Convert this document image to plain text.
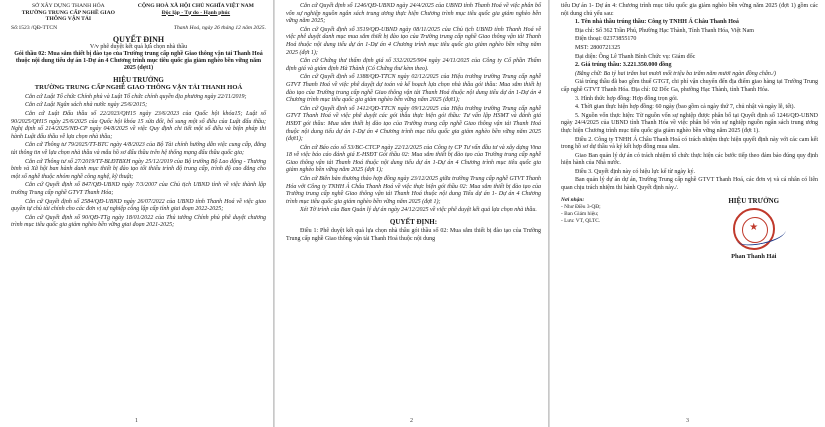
SỞ XÂY DỰNG THANH HÓA
TRƯỜNG TRUNG CẤP NGHỀ GIAO THÔNG VẬN TẢI
CỘNG HOÀ XÃ HỘI CHỦ NGHĨA VIỆT NAM
Độc lập - Tự do - Hạnh phúc
Số:1523 /QĐ-TTCN	Thanh Hoá, ngày 26 tháng 12 năm 2025.
QUYẾT ĐỊNH
V/v phê duyệt kết quả lựa chọn nhà thầu
Gói thầu 02: Mua sắm thiết bị đào tạo của Trường trung cấp nghề Giao thông vận tải Thanh Hoá thuộc nội dung tiểu dự án 1-Dự án 4 Chương trình mục tiêu quốc gia giảm nghèo bền vững năm 2025 (đợt1)
HIỆU TRƯỞNG
TRƯỜNG TRUNG CẤP NGHỀ GIAO THÔNG VẬN TẢI THANH HOÁ

Căn cứ Luật Tổ chức Chính phủ và Luật Tổ chức chính quyền địa phương ngày 22/11/2019;

Căn cứ Luật Ngân sách nhà nước ngày 25/6/2015;

Căn cứ Luật Đấu thầu số 22/2023/QH15 ngày 23/6/2023 của Quốc hội khóa15; Luật số 90/2025/QH15 ngày 25/6/2025 của Quốc hội khóa 15 sửa đổi, bổ sung một số điều của Luật đấu thầu; Nghị định số 214/2025/NĐ-CP ngày 04/8/2025 về việc Quy định chi tiết một số điều và biện pháp thi hành Luật đấu thầu về lựa chọn nhà thầu;

Căn cứ Thông tư 79/2025/TT-BTC ngày 4/8/2023 của Bộ Tài chính hướng dẫn việc cung cấp, đăng tải thông tin về lựa chọn nhà thầu và mẫu hồ sơ đấu thầu trên hệ thống mạng đấu thầu quốc gia;

Căn cứ Thông tư số 27/2019/TT-BLĐTBXH ngày 25/12/2019 của Bộ trưởng Bộ Lao động - Thương binh và Xã hội ban hành danh mục thiết bị đào tạo tối thiểu trình độ trung cấp, trình độ cao đẳng cho một số nghề thuộc nhóm nghề công nghệ, kỹ thuật;

Căn cứ Quyết định số 847/QĐ-UBND ngày 7/3/2007 của Chủ tịch UBND tỉnh về việc thành lập trường Trung cấp nghề GTVT Thanh Hóa;

Căn cứ Quyết định số 2584/QĐ-UBND ngày 26/07/2022 của UBND tỉnh Thanh Hoá về việc giao quyền tự chủ tài chính cho các đơn vị sự nghiệp công lập cấp tỉnh giai đoạn 2022-2025;

Căn cứ Quyết định số 90/QĐ-TTg ngày 18/01/2022 của Thủ tướng Chính phủ phê duyệt chương trình mục tiêu quốc gia giảm nghèo bền vững giai đoạn 2021-2025;

1

Căn cứ Quyết định số 1246/QĐ-UBND ngày 24/4/2025 của UBND tỉnh Thanh Hoá về việc phân bổ vốn sự nghiệp nguồn ngân sách trung ương thực hiện Chương trình mục tiêu quốc gia giảm nghèo bền vững năm 2025;

Căn cứ Quyết định số 3519/QĐ-UBND ngày 08/11/2025 của Chủ tịch UBND tỉnh Thanh Hoá về việc phê duyệt danh mục mua sắm thiết bị đào tạo của Trường trung cấp nghề Giao thông vận tải Thanh Hoá thuộc nội dung tiểu dự án 1-Dự án 4 Chương trình mục tiêu quốc gia giảm nghèo bền vững năm 2025 (đợt 1);

Căn cứ Chứng thư thẩm định giá số 332/2025/904 ngày 24/11/2025 của Công ty Cổ phần Thẩm định giá và giám định Hà Thành (Có Chứng thư kèm theo).

Căn cứ Quyết định số 1388/QĐ-TTCN ngày 02/12/2025 của Hiệu trưởng trường Trung cấp nghề GTVT Thanh Hoá về việc phê duyệt dự toán và kế hoạch lựa chọn nhà thầu gói thầu: Mua sắm thiết bị đào tạo của Trường trung cấp nghề Giao thông vận tải Thanh Hoá thuộc nội dung tiểu dự án 1-Dự án 4 Chương trình mục tiêu quốc gia giảm nghèo bền vững năm 2025 (đợt1);

Căn cứ Quyết định số 1412/QĐ-TTCN ngày 09/12/2025 của Hiệu trưởng trường Trung cấp nghề GTVT Thanh Hoá về việc phê duyệt các gói thầu thực hiện gói thầu: Tư vấn lập HSMT và đánh giá HSĐT gói thầu: Mua sắm thiết bị đào tạo của Trường trung cấp nghề Giao thông vận tải Thanh Hoá thuộc nội dung tiểu dự án 1-Dự án 4 Chương trình mục tiêu quốc gia giảm nghèo bền vững năm 2025 (đợt1);

Căn cứ Báo cáo số 53/BC-CTCP ngày 22/12/2025 của Công ty CP Tư vấn đầu tư và xây dựng Vina 18 về việc báo cáo đánh giá E-HSĐT Gói thầu 02: Mua sắm thiết bị đào tạo của Trường trung cấp nghề Giao thông vận tải Thanh Hoá thuộc nội dung tiểu dự án 1-Dự án 4 Chương trình mục tiêu quốc gia giảm nghèo bền vững năm 2025 (đợt 1);

Căn cứ Biên bản thương thảo hợp đồng ngày 23/12/2025 giữa trường Trung cấp nghề GTVT Thanh Hóa với Công ty TNHH Á Châu Thanh Hoá về việc thực hiện gói thầu 02: Mua sắm thiết bị đào tạo của Trường trung cấp nghề Giao thông vận tải Thanh Hoá thuộc nội dung Tiểu dự án 1- Dự án 4 Chương trình mục tiêu quốc gia giảm nghèo bền vững năm 2025 (đợt 1);

Xét Tờ trình của Ban Quản lý dự án ngày 24/12/2025 về việc phê duyệt kết quả lựa chọn nhà thầu.

QUYẾT ĐỊNH:

Điều 1: Phê duyệt kết quả lựa chọn nhà thầu gói thầu số 02: Mua sắm thiết bị đào tạo của Trường Trung cấp nghề Giao thông vận tải Thanh Hoá thuộc nội dung

2

tiểu Dự án 1- Dự án 4: Chương trình mục tiêu quốc gia giảm nghèo bền vững năm 2025 (đợt 1) gồm các nội dung chủ yếu sau:

1. Tên nhà thầu trúng thầu: Công ty TNHH Á Châu Thanh Hoá

Địa chỉ: Số 362 Trần Phú, Phường Hạc Thành, Tỉnh Thanh Hóa, Việt Nam

Điện thoại: 02373855170

MST: 2800721325

Đại diện: Ông Lê Thanh Bình Chức vụ: Giám đốc

2. Giá trúng thầu: 3.221.350.000 đồng

(Bằng chữ: Ba tỷ hai trăm hai mươi mốt triệu ba trăm năm mươi ngàn đồng chẵn./)

Giá trúng thầu đã bao gồm thuế GTGT, chi phí vận chuyển đến địa điểm giao hàng tại Trường Trung cấp nghề GTVT Thanh Hóa. Địa chỉ: 02 Dốc Ga, phường Hạc Thành, tỉnh Thanh Hóa.

3. Hình thức hợp đồng: Hợp đồng trọn gói.

4. Thời gian thực hiện hợp đồng: 60 ngày (bao gồm cả ngày thứ 7, chủ nhật và ngày lễ, tết).

5. Nguồn vốn thực hiện: Từ nguồn vốn sự nghiệp được phân bổ tại Quyết định số 1246/QĐ-UBND ngày 24/4/2025 của UBND tỉnh Thanh Hóa về việc phân bổ vốn sự nghiệp nguồn ngân sách trung ương thực hiện Chương trình mục tiêu quốc gia giảm nghèo bền vững năm 2025 (đợt 1).

Điều 2. Công ty TNHH Á Châu Thanh Hoá có trách nhiệm thực hiện quyết định này với các cam kết trong hồ sơ dự thầu và ký kết hợp đồng mua sắm.

Giao Ban quản lý dự án có trách nhiệm tổ chức thực hiện các bước tiếp theo đảm bảo đúng quy định hiện hành của Nhà nước.

Điều 3. Quyết định này có hiệu lực kể từ ngày ký.

Ban quản lý dự án dự án, Trường Trung cấp nghề GTVT Thanh Hoá, các đơn vị và cá nhân có liên quan chịu trách nhiệm thi hành Quyết định này./.

Nơi nhận:
- Như Điều 3-QĐ;
- Ban Giám hiệu;
- Lưu: VT, QLTC.
HIỆU TRƯỞNG
★
Phan Thanh Hải
3
